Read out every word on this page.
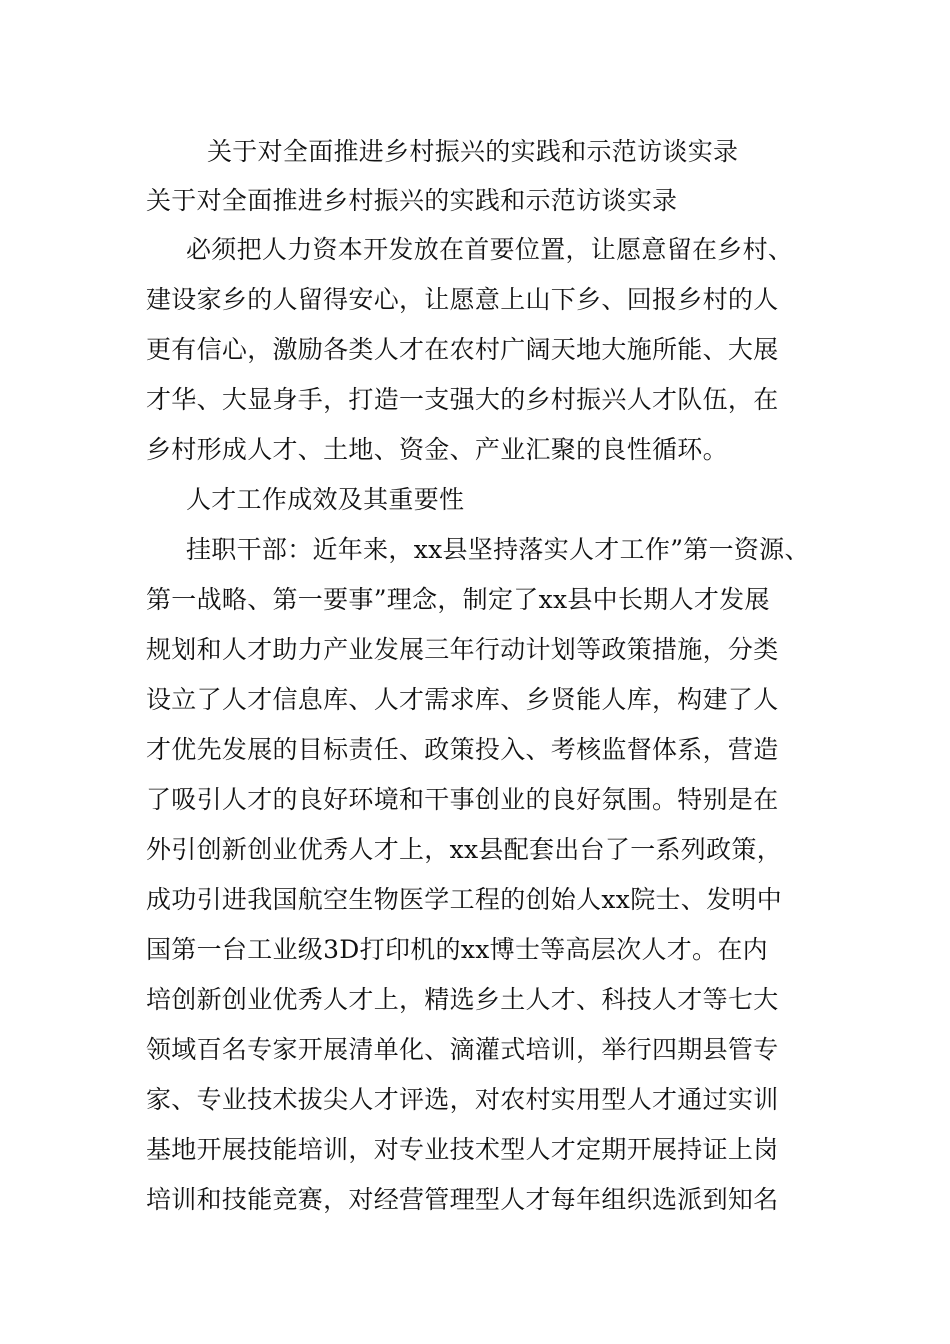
关于对全面推进乡村振兴的实践和示范访谈实录
关于对全面推进乡村振兴的实践和示范访谈实录
必须把人力资本开发放在首要位置，让愿意留在乡村、
建设家乡的人留得安心，让愿意上山下乡、回报乡村的人
更有信心，激励各类人才在农村广阔天地大施所能、大展
才华、大显身手，打造一支强大的乡村振兴人才队伍，在
乡村形成人才、土地、资金、产业汇聚的良性循环。
人才工作成效及其重要性
挂职干部：近年来，xx县坚持落实人才工作”第一资源、
第一战略、第一要事”理念，制定了xx县中长期人才发展
规划和人才助力产业发展三年行动计划等政策措施，分类
设立了人才信息库、人才需求库、乡贤能人库，构建了人
才优先发展的目标责任、政策投入、考核监督体系，营造
了吸引人才的良好环境和干事创业的良好氛围。特别是在
外引创新创业优秀人才上，xx县配套出台了一系列政策，
成功引进我国航空生物医学工程的创始人xx院士、发明中
国第一台工业级3D打印机的xx博士等高层次人才。在内
培创新创业优秀人才上，精选乡土人才、科技人才等七大
领域百名专家开展清单化、滴灌式培训，举行四期县管专
家、专业技术拔尖人才评选，对农村实用型人才通过实训
基地开展技能培训，对专业技术型人才定期开展持证上岗
培训和技能竞赛，对经营管理型人才每年组织选派到知名
